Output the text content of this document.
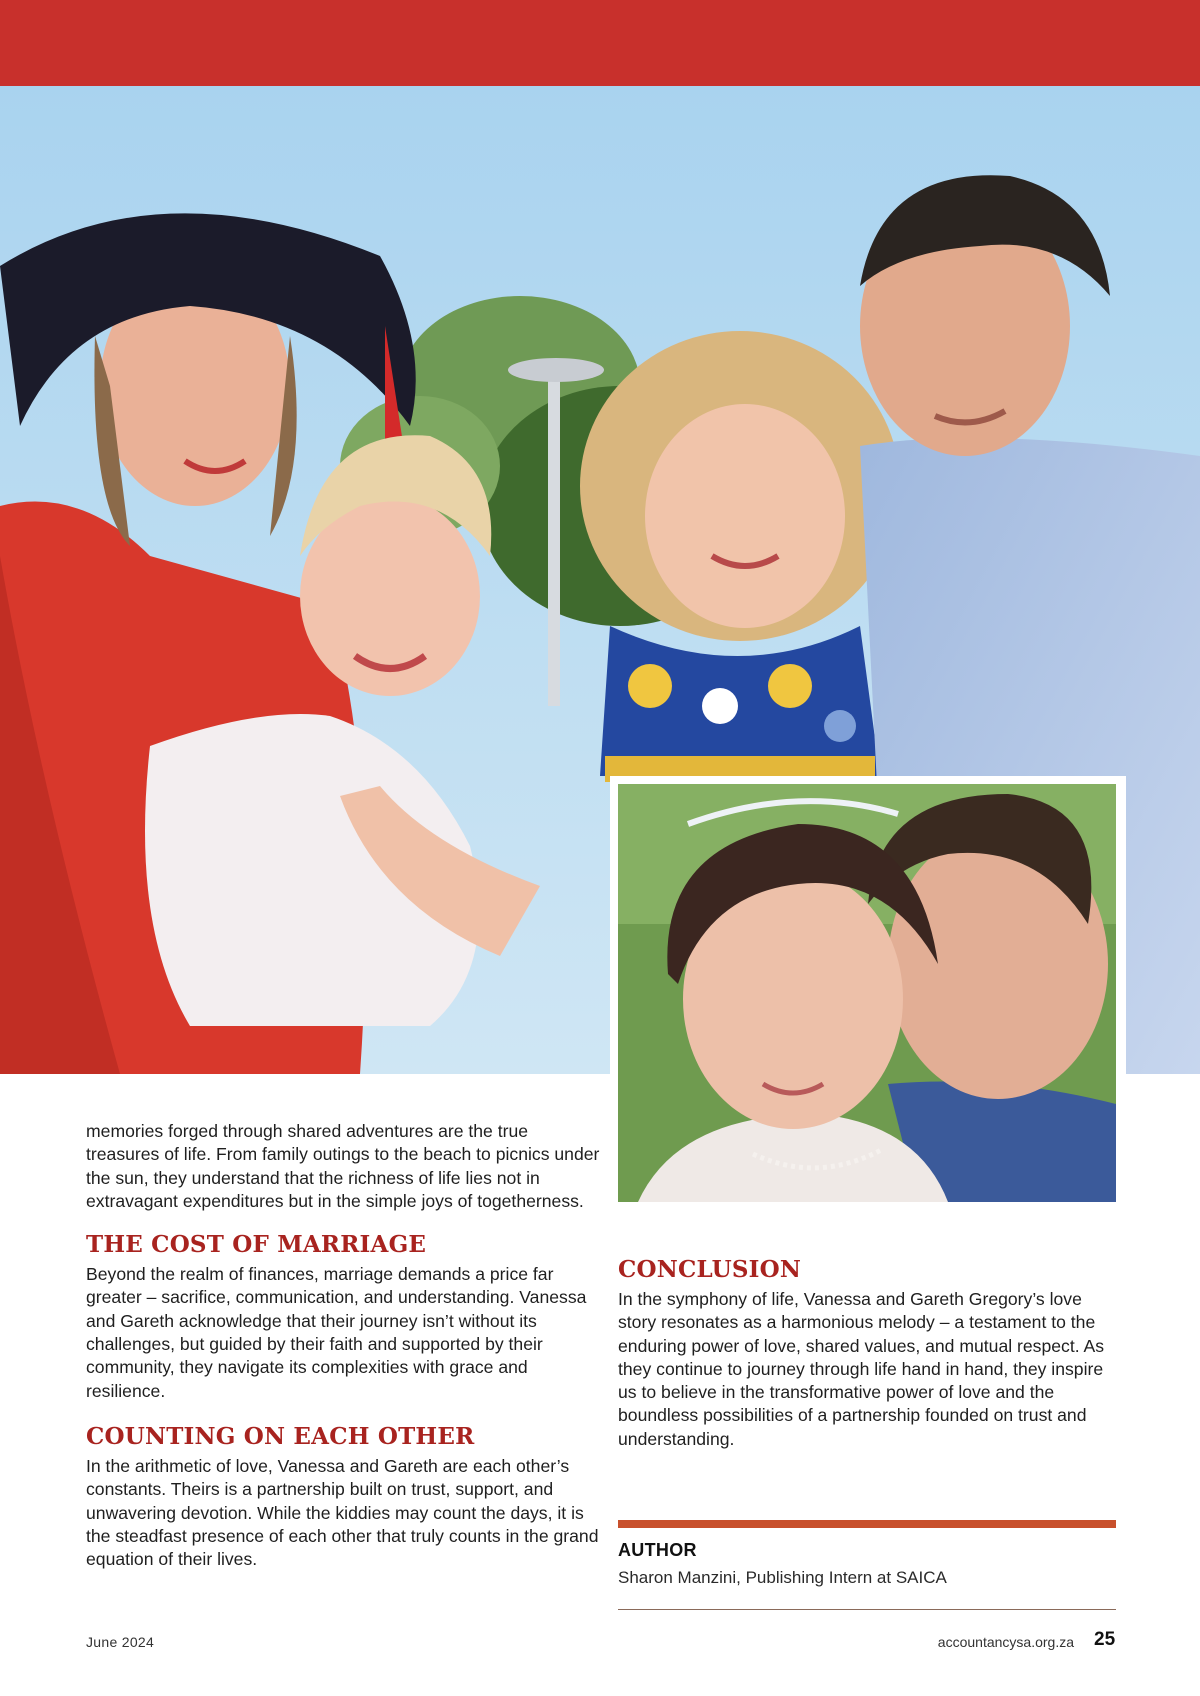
memories forged through shared adventures are the true treasures of life. From family outings to the beach to picnics under the sun, they understand that the richness of life lies not in extravagant expenditures but in the simple joys of togetherness.

THE COST OF MARRIAGE

Beyond the realm of finances, marriage demands a price far greater – sacrifice, communication, and understanding. Vanessa and Gareth acknowledge that their journey isn’t without its challenges, but guided by their faith and supported by their community, they navigate its complexities with grace and resilience.

COUNTING ON EACH OTHER

In the arithmetic of love, Vanessa and Gareth are each other’s constants. Theirs is a partnership built on trust, support, and unwavering devotion. While the kiddies may count the days, it is the steadfast presence of each other that truly counts in the grand equation of their lives.

CONCLUSION

In the symphony of life, Vanessa and Gareth Gregory’s love story resonates as a harmonious melody – a testament to the enduring power of love, shared values, and mutual respect. As they continue to journey through life hand in hand, they inspire us to believe in the transformative power of love and the boundless possibilities of a partnership founded on trust and understanding.

AUTHOR
Sharon Manzini, Publishing Intern at SAICA
June 2024	accountancysa.org.za 25
